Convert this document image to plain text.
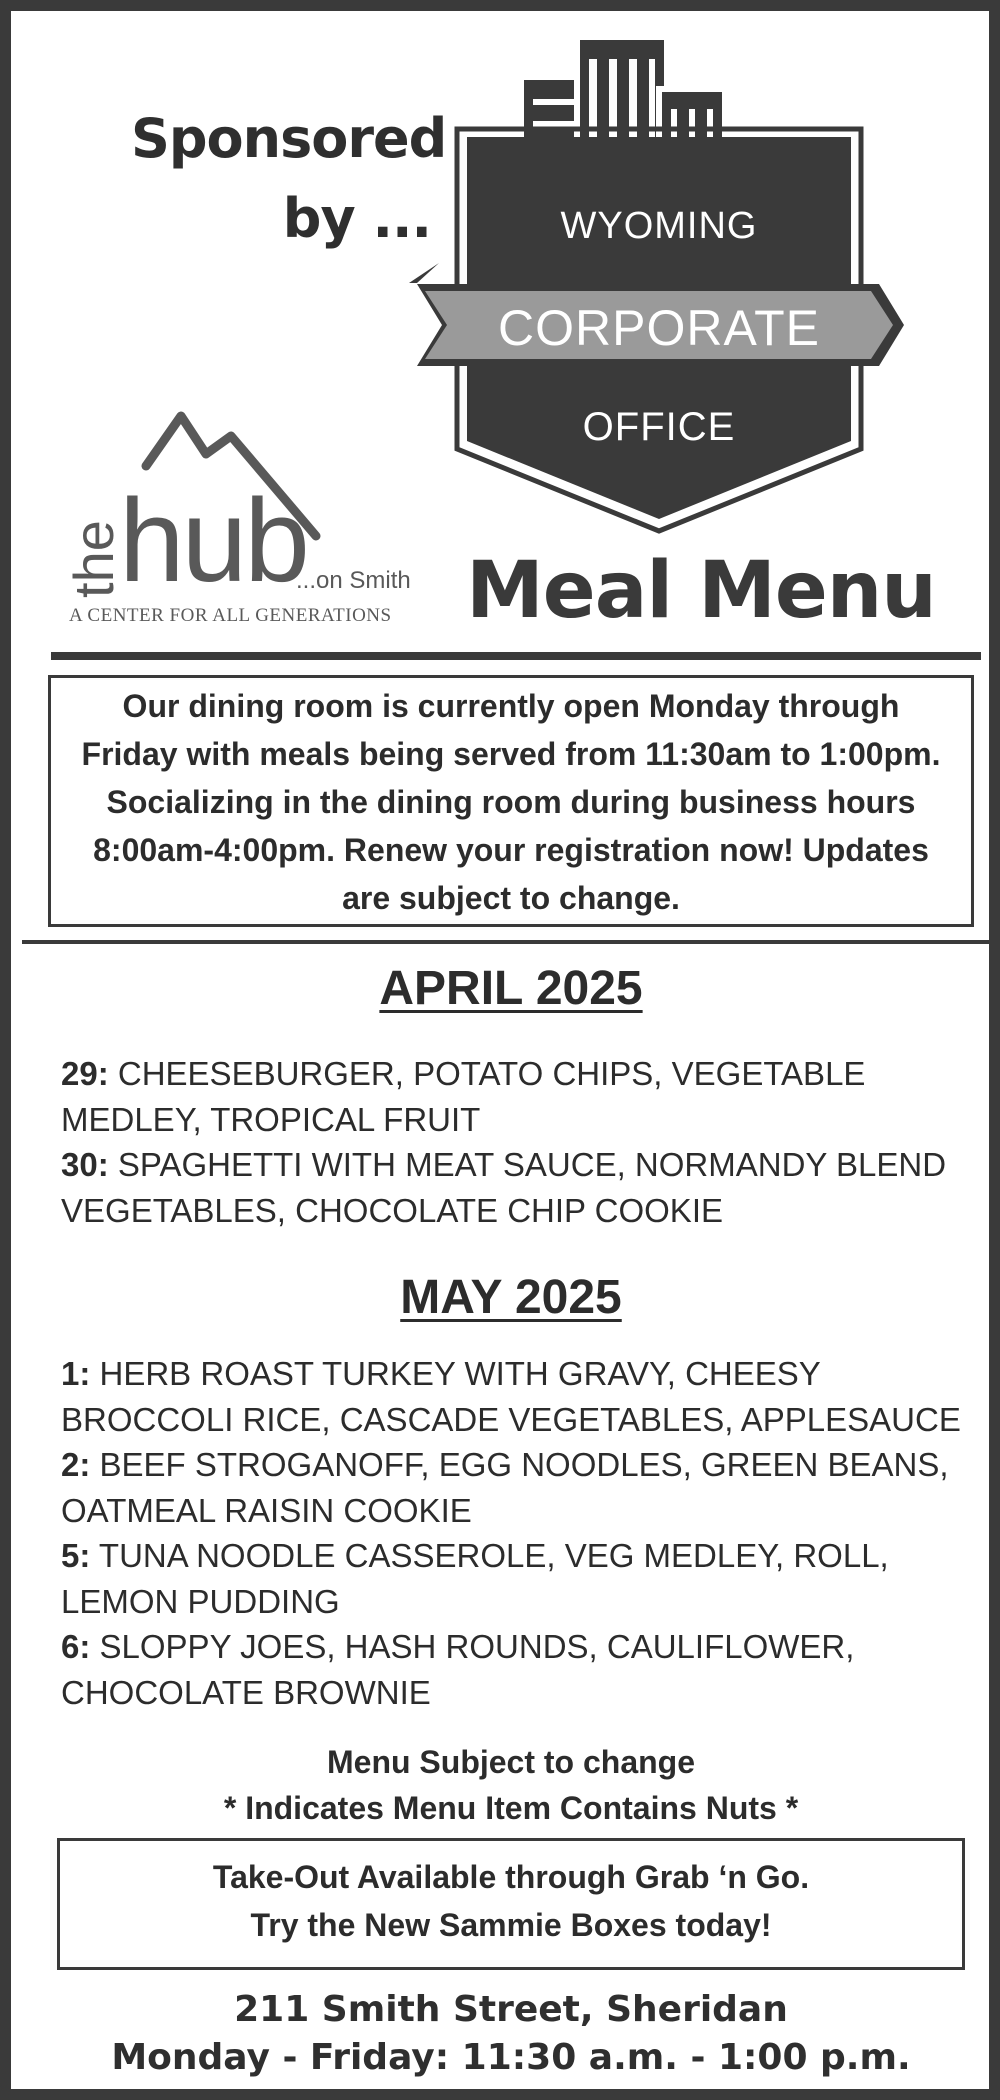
Sponsored
by ...	WYOMING
CORPORATE
OFFICE
the
hub
...on Smith
A CENTER FOR ALL GENERATIONS Meal Menu
Our dining room is currently open Monday through Friday with meals being served from 11:30am to 1:00pm. Socializing in the dining room during business hours 8:00am-4:00pm. Renew your registration now! Updates are subject to change.
APRIL 2025
29: CHEESEBURGER, POTATO CHIPS, VEGETABLE MEDLEY, TROPICAL FRUIT
30: SPAGHETTI WITH MEAT SAUCE, NORMANDY BLEND VEGETABLES, CHOCOLATE CHIP COOKIE
MAY 2025
1: HERB ROAST TURKEY WITH GRAVY, CHEESY BROCCOLI RICE, CASCADE VEGETABLES, APPLESAUCE
2: BEEF STROGANOFF, EGG NOODLES, GREEN BEANS, OATMEAL RAISIN COOKIE
5: TUNA NOODLE CASSEROLE, VEG MEDLEY, ROLL, LEMON PUDDING
6: SLOPPY JOES, HASH ROUNDS, CAULIFLOWER, CHOCOLATE BROWNIE
Menu Subject to change
* Indicates Menu Item Contains Nuts *
Take-Out Available through Grab ‘n Go.
Try the New Sammie Boxes today!
211 Smith Street, Sheridan
Monday - Friday: 11:30 a.m. - 1:00 p.m.
